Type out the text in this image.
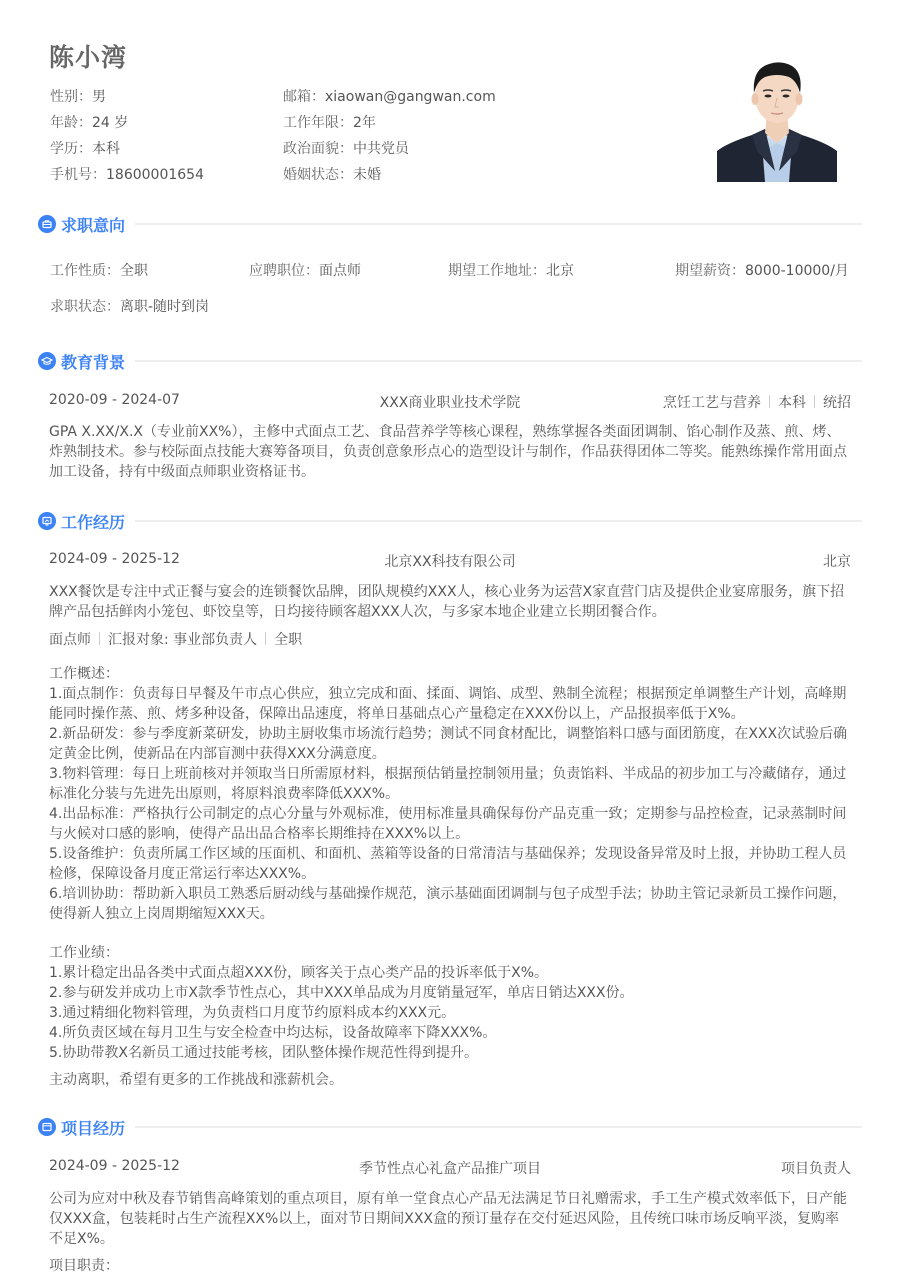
陈小湾
性别：男
年龄：24 岁
学历：本科
手机号：18600001654
邮箱：xiaowan@gangwan.com
工作年限：2年
政治面貌：中共党员
婚姻状态：未婚
求职意向
工作性质：全职	应聘职位：面点师	期望工作地址：北京	期望薪资：8000-10000/月
求职状态：离职-随时到岗
教育背景
2020-09 - 2024-07	XXX商业职业技术学院	烹饪工艺与营养 本科 统招
GPA X.XX/X.X（专业前XX%），主修中式面点工艺、食品营养学等核心课程，熟练掌握各类面团调制、馅心制作及蒸、煎、烤、炸熟制技术。参与校际面点技能大赛筹备项目，负责创意象形点心的造型设计与制作，作品获得团体二等奖。能熟练操作常用面点加工设备，持有中级面点师职业资格证书。
工作经历
2024-09 - 2025-12	北京XX科技有限公司	北京
XXX餐饮是专注中式正餐与宴会的连锁餐饮品牌，团队规模约XXX人，核心业务为运营X家直营门店及提供企业宴席服务，旗下招牌产品包括鲜肉小笼包、虾饺皇等，日均接待顾客超XXX人次，与多家本地企业建立长期团餐合作。
面点师 汇报对象: 事业部负责人 全职
工作概述：
1.面点制作：负责每日早餐及午市点心供应，独立完成和面、揉面、调馅、成型、熟制全流程；根据预定单调整生产计划，高峰期能同时操作蒸、煎、烤多种设备，保障出品速度，将单日基础点心产量稳定在XXX份以上，产品报损率低于X%。
2.新品研发：参与季度新菜研发，协助主厨收集市场流行趋势；测试不同食材配比，调整馅料口感与面团筋度，在XXX次试验后确定黄金比例，使新品在内部盲测中获得XXX分满意度。
3.物料管理：每日上班前核对并领取当日所需原材料，根据预估销量控制领用量；负责馅料、半成品的初步加工与冷藏储存，通过标准化分装与先进先出原则，将原料浪费率降低XXX%。
4.出品标准：严格执行公司制定的点心分量与外观标准，使用标准量具确保每份产品克重一致；定期参与品控检查，记录蒸制时间与火候对口感的影响，使得产品出品合格率长期维持在XXX%以上。
5.设备维护：负责所属工作区域的压面机、和面机、蒸箱等设备的日常清洁与基础保养；发现设备异常及时上报，并协助工程人员检修，保障设备月度正常运行率达XXX%。
6.培训协助：帮助新入职员工熟悉后厨动线与基础操作规范，演示基础面团调制与包子成型手法；协助主管记录新员工操作问题，使得新人独立上岗周期缩短XXX天。
工作业绩：
1.累计稳定出品各类中式面点超XXX份，顾客关于点心类产品的投诉率低于X%。
2.参与研发并成功上市X款季节性点心，其中XXX单品成为月度销量冠军，单店日销达XXX份。
3.通过精细化物料管理，为负责档口月度节约原料成本约XXX元。
4.所负责区域在每月卫生与安全检查中均达标，设备故障率下降XXX%。
5.协助带教X名新员工通过技能考核，团队整体操作规范性得到提升。
主动离职，希望有更多的工作挑战和涨薪机会。
项目经历
2024-09 - 2025-12	季节性点心礼盒产品推广项目	项目负责人
公司为应对中秋及春节销售高峰策划的重点项目，原有单一堂食点心产品无法满足节日礼赠需求，手工生产模式效率低下，日产能仅XXX盒，包装耗时占生产流程XX%以上，面对节日期间XXX盒的预订量存在交付延迟风险，且传统口味市场反响平淡，复购率不足X%。
项目职责：
